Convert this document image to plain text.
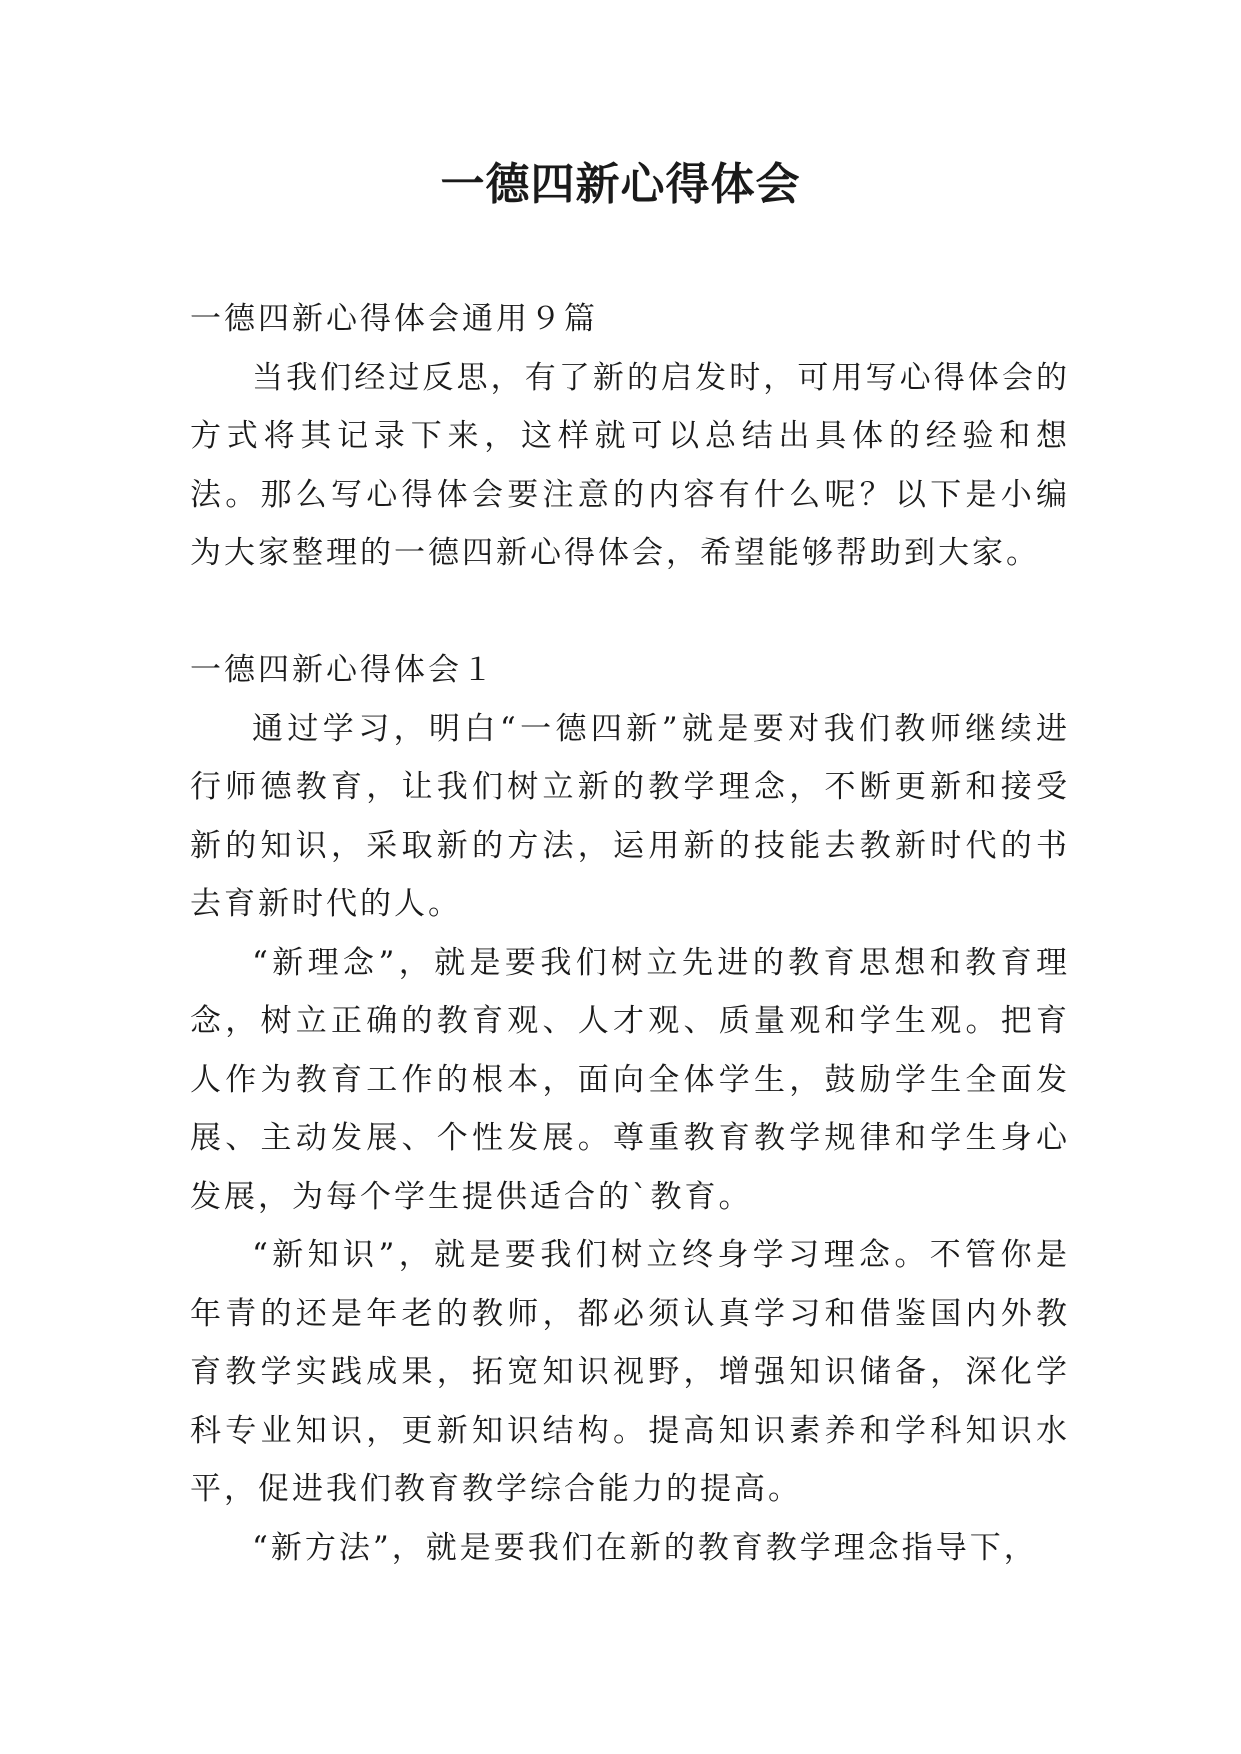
一德四新心得体会

一德四新心得体会通用９篇

当我们经过反思，有了新的启发时，可用写心得体会的方式将其记录下来，这样就可以总结出具体的经验和想法。那么写心得体会要注意的内容有什么呢？以下是小编为大家整理的一德四新心得体会，希望能够帮助到大家。

一德四新心得体会１

通过学习，明白“一德四新”就是要对我们教师继续进行师德教育，让我们树立新的教学理念，不断更新和接受新的知识，采取新的方法，运用新的技能去教新时代的书去育新时代的人。

“新理念”，就是要我们树立先进的教育思想和教育理念，树立正确的教育观、人才观、质量观和学生观。把育人作为教育工作的根本，面向全体学生，鼓励学生全面发展、主动发展、个性发展。尊重教育教学规律和学生身心发展，为每个学生提供适合的`教育。

“新知识”，就是要我们树立终身学习理念。不管你是年青的还是年老的教师，都必须认真学习和借鉴国内外教育教学实践成果，拓宽知识视野，增强知识储备，深化学科专业知识，更新知识结构。提高知识素养和学科知识水平，促进我们教育教学综合能力的提高。

“新方法”，就是要我们在新的教育教学理念指导下，
